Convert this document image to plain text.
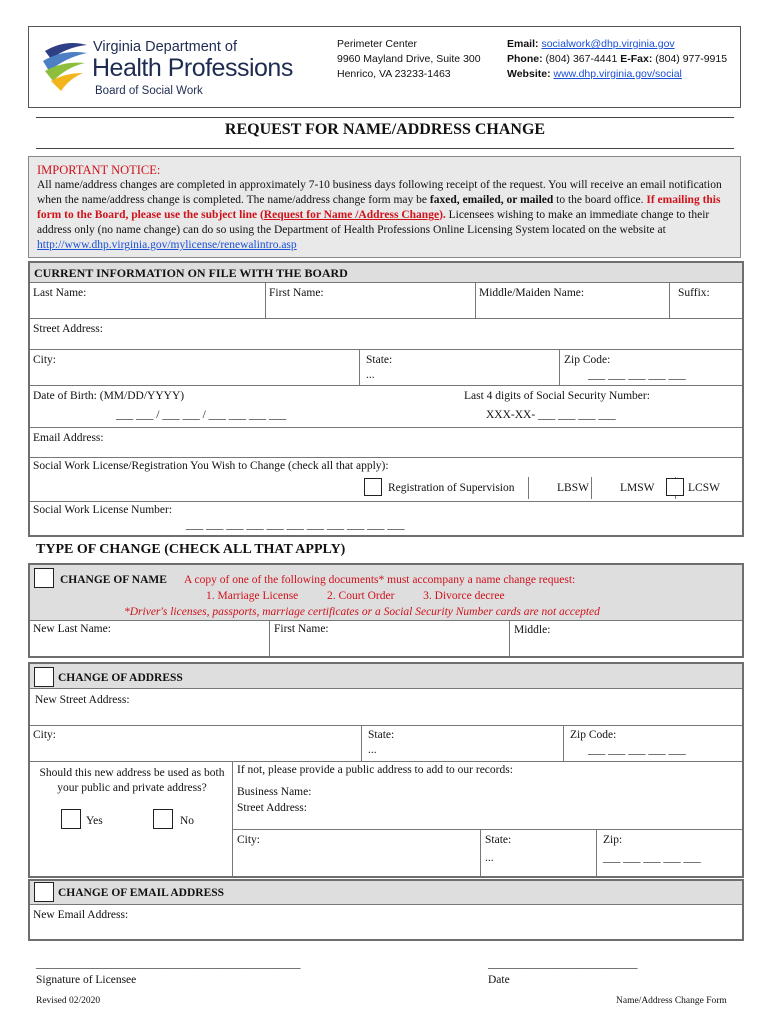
Virginia Department of
Health Professions
Board of Social Work
Perimeter Center
9960 Mayland Drive, Suite 300
Henrico, VA 23233-1463
Email: socialwork@dhp.virginia.gov
Phone: (804) 367-4441 E-Fax: (804) 977-9915
Website: www.dhp.virginia.gov/social
REQUEST FOR NAME/ADDRESS CHANGE
IMPORTANT NOTICE:

All name/address changes are completed in approximately 7-10 business days following receipt of the request. You will receive an email notification when the name/address change is completed. The name/address change form may be faxed, emailed, or mailed to the board office. If emailing this form to the Board, please use the subject line (Request for Name /Address Change). Licensees wishing to make an immediate change to their address only (no name change) can do so using the Department of Health Professions Online Licensing System located on the website at http://www.dhp.virginia.gov/mylicense/renewalintro.asp

CURRENT INFORMATION ON FILE WITH THE BOARD
Last Name:	First Name:	Middle/Maiden Name:	Suffix:
Street Address:
City:	State:
...
Zip Code:
___ ___ ___ ___ ___
Date of Birth: (MM/DD/YYYY)
___ ___ / ___ ___ / ___ ___ ___ ___
Last 4 digits of Social Security Number:
XXX-XX- ___ ___ ___ ___
Email Address:
Social Work License/Registration You Wish to Change (check all that apply):
Registration of Supervision	LBSW	LMSW	LCSW
Social Work License Number:
___ ___ ___ ___ ___ ___ ___ ___ ___ ___ ___
TYPE OF CHANGE (CHECK ALL THAT APPLY)
CHANGE OF NAME A copy of one of the following documents* must accompany a name change request:
1. Marriage License          2. Court Order          3. Divorce decree
*Driver's licenses, passports, marriage certificates or a Social Security Number cards are not accepted
New Last Name:	First Name:	Middle:
CHANGE OF ADDRESS
New Street Address:
City:	State:
...
Zip Code:
___ ___ ___ ___ ___
Should this new address be used as both your public and private address?
Yes	No
If not, please provide a public address to add to our records:
Business Name:
Street Address:
City:	State:
...
Zip:
___ ___ ___ ___ ___
CHANGE OF EMAIL ADDRESS
New Email Address:
______________________________________________
Signature of Licensee
__________________________
Date
Revised 02/2020	Name/Address Change Form
